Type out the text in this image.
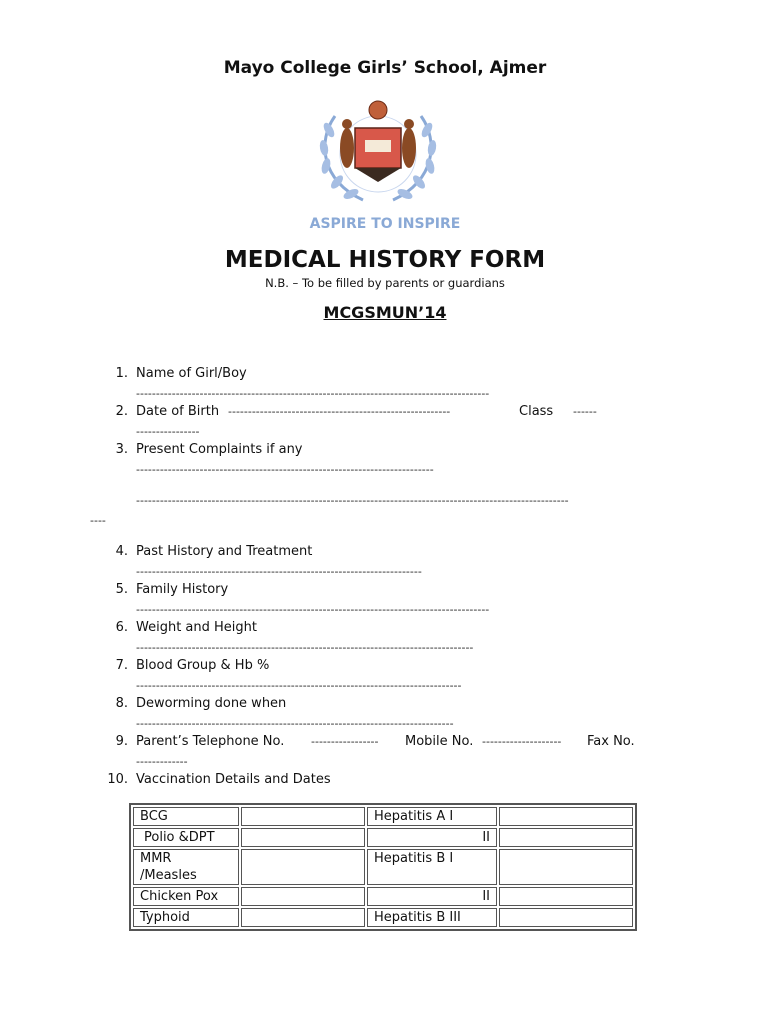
Mayo College Girls’ School, Ajmer
ASPIRE TO INSPIRE
MEDICAL HISTORY FORM
N.B. – To be filled by parents or guardians
MCGSMUN’14
1. Name of Girl/Boy
-----------------------------------------------------------------------------------------
2. Date of Birth --------------------------------------------------------	Class ------
----------------
3. Present Complaints if any
---------------------------------------------------------------------------
-------------------------------------------------------------------------------------------------------------
----
4. Past History and Treatment
------------------------------------------------------------------------
5. Family History
-----------------------------------------------------------------------------------------
6. Weight and Height
-------------------------------------------------------------------------------------
7. Blood Group & Hb %
----------------------------------------------------------------------------------
8. Deworming done when
--------------------------------------------------------------------------------
9. Parent’s Telephone No. ----------------- Mobile No. -------------------- Fax No.
-------------
10. Vaccination Details and Dates
BCG		Hepatitis A I	
Polio &DPT		II	

MMR
/Measles		Hepatitis B I	
Chicken Pox		II	
Typhoid		Hepatitis B III	
